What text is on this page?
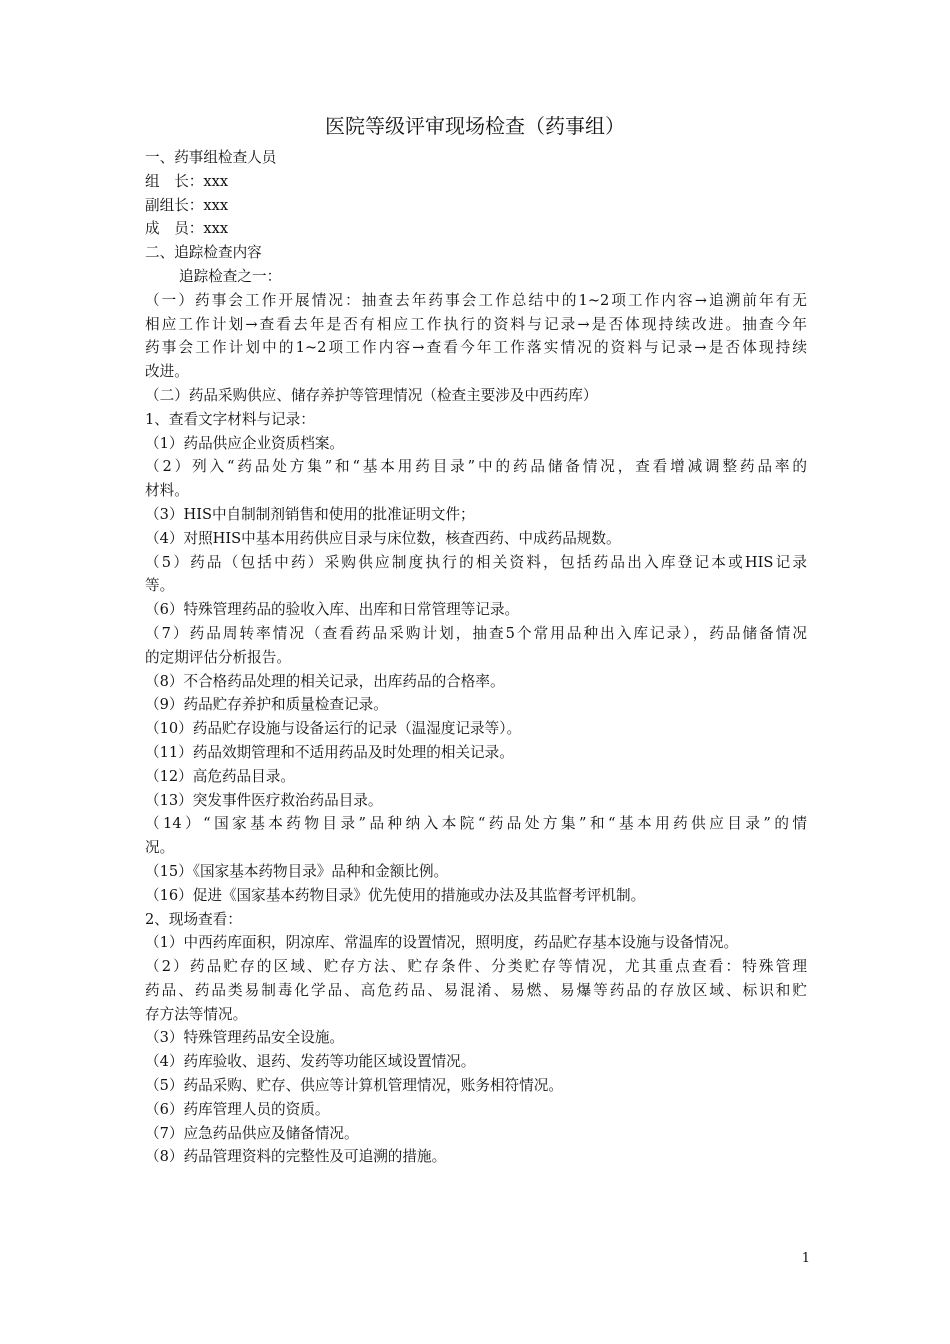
医院等级评审现场检查（药事组）
一、药事组检查人员
组　长：xxx
副组长：xxx
成　员：xxx
二、追踪检查内容
追踪检查之一：
（一）药事会工作开展情况：抽查去年药事会工作总结中的1~2项工作内容→追溯前年有无
相应工作计划→查看去年是否有相应工作执行的资料与记录→是否体现持续改进。抽查今年
药事会工作计划中的1~2项工作内容→查看今年工作落实情况的资料与记录→是否体现持续
改进。
（二）药品采购供应、储存养护等管理情况（检查主要涉及中西药库）
1、查看文字材料与记录：
（1）药品供应企业资质档案。
（2）列入“药品处方集”和“基本用药目录”中的药品储备情况，查看增减调整药品率的
材料。
（3）HIS中自制制剂销售和使用的批准证明文件；
（4）对照HIS中基本用药供应目录与床位数，核查西药、中成药品规数。
（5）药品（包括中药）采购供应制度执行的相关资料，包括药品出入库登记本或HIS记录
等。
（6）特殊管理药品的验收入库、出库和日常管理等记录。
（7）药品周转率情况（查看药品采购计划，抽查5个常用品种出入库记录），药品储备情况
的定期评估分析报告。
（8）不合格药品处理的相关记录，出库药品的合格率。
（9）药品贮存养护和质量检查记录。
（10）药品贮存设施与设备运行的记录（温湿度记录等）。
（11）药品效期管理和不适用药品及时处理的相关记录。
（12）高危药品目录。
（13）突发事件医疗救治药品目录。
（14）“国家基本药物目录”品种纳入本院“药品处方集”和“基本用药供应目录”的情
况。
（15）《国家基本药物目录》品种和金额比例。
（16）促进《国家基本药物目录》优先使用的措施或办法及其监督考评机制。
2、现场查看：
（1）中西药库面积，阴凉库、常温库的设置情况，照明度，药品贮存基本设施与设备情况。
（2）药品贮存的区域、贮存方法、贮存条件、分类贮存等情况，尤其重点查看：特殊管理
药品、药品类易制毒化学品、高危药品、易混淆、易燃、易爆等药品的存放区域、标识和贮
存方法等情况。
（3）特殊管理药品安全设施。
（4）药库验收、退药、发药等功能区域设置情况。
（5）药品采购、贮存、供应等计算机管理情况，账务相符情况。
（6）药库管理人员的资质。
（7）应急药品供应及储备情况。
（8）药品管理资料的完整性及可追溯的措施。
1
